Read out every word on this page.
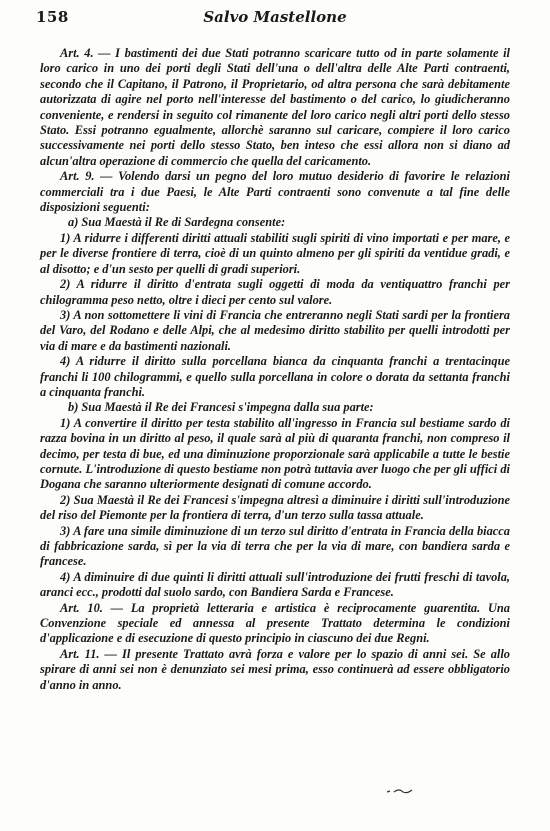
158	Salvo Mastellone

Art. 4. — I bastimenti dei due Stati potranno scaricare tutto od in parte solamente il loro carico in uno dei porti degli Stati dell'una o dell'altra delle Alte Parti contraenti, secondo che il Capitano, il Patrono, il Proprietario, od altra persona che sarà debitamente autorizzata di agire nel porto nell'interesse del bastimento o del carico, lo giudicheranno conveniente, e rendersi in seguito col rimanente del loro carico negli altri porti dello stesso Stato. Essi potranno egualmente, allorchè saranno sul caricare, compiere il loro carico successivamente nei porti dello stesso Stato, ben inteso che essi allora non si diano ad alcun'altra operazione di commercio che quella del caricamento.

Art. 9. — Volendo darsi un pegno del loro mutuo desiderio di favorire le relazioni commerciali tra i due Paesi, le Alte Parti contraenti sono convenute a tal fine delle disposizioni seguenti:

a) Sua Maestà il Re di Sardegna consente:

1) A ridurre i differenti diritti attuali stabiliti sugli spiriti di vino importati e per mare, e per le diverse frontiere di terra, cioè di un quinto almeno per gli spiriti da ventidue gradi, e al disotto; e d'un sesto per quelli di gradi superiori.

2) A ridurre il diritto d'entrata sugli oggetti di moda da ventiquattro franchi per chilogramma peso netto, oltre i dieci per cento sul valore.

3) A non sottomettere li vini di Francia che entreranno negli Stati sardi per la frontiera del Varo, del Rodano e delle Alpi, che al medesimo diritto stabilito per quelli introdotti per via di mare e da bastimenti nazionali.

4) A ridurre il diritto sulla porcellana bianca da cinquanta franchi a trentacinque franchi li 100 chilogrammi, e quello sulla porcellana in colore o dorata da settanta franchi a cinquanta franchi.

b) Sua Maestà il Re dei Francesi s'impegna dalla sua parte:

1) A convertire il diritto per testa stabilito all'ingresso in Francia sul bestiame sardo di razza bovina in un diritto al peso, il quale sarà al più di quaranta franchi, non compreso il decimo, per testa di bue, ed una diminuzione proporzionale sarà applicabile a tutte le bestie cornute. L'introduzione di questo bestiame non potrà tuttavia aver luogo che per gli uffici di Dogana che saranno ulteriormente designati di comune accordo.

2) Sua Maestà il Re dei Francesi s'impegna altresì a diminuire i diritti sull'introduzione del riso del Piemonte per la frontiera di terra, d'un terzo sulla tassa attuale.

3) A fare una simile diminuzione di un terzo sul diritto d'entrata in Francia della biacca di fabbricazione sarda, sì per la via di terra che per la via di mare, con bandiera sarda e francese.

4) A diminuire di due quinti li diritti attuali sull'introduzione dei frutti freschi di tavola, aranci ecc., prodotti dal suolo sardo, con Bandiera Sarda e Francese.

Art. 10. — La proprietà letteraria e artistica è reciprocamente guarentita. Una Convenzione speciale ed annessa al presente Trattato determina le condizioni d'applicazione e di esecuzione di questo principio in ciascuno dei due Regni.

Art. 11. — Il presente Trattato avrà forza e valore per lo spazio di anni sei. Se allo spirare di anni sei non è denunziato sei mesi prima, esso continuerà ad essere obbligatorio d'anno in anno.
